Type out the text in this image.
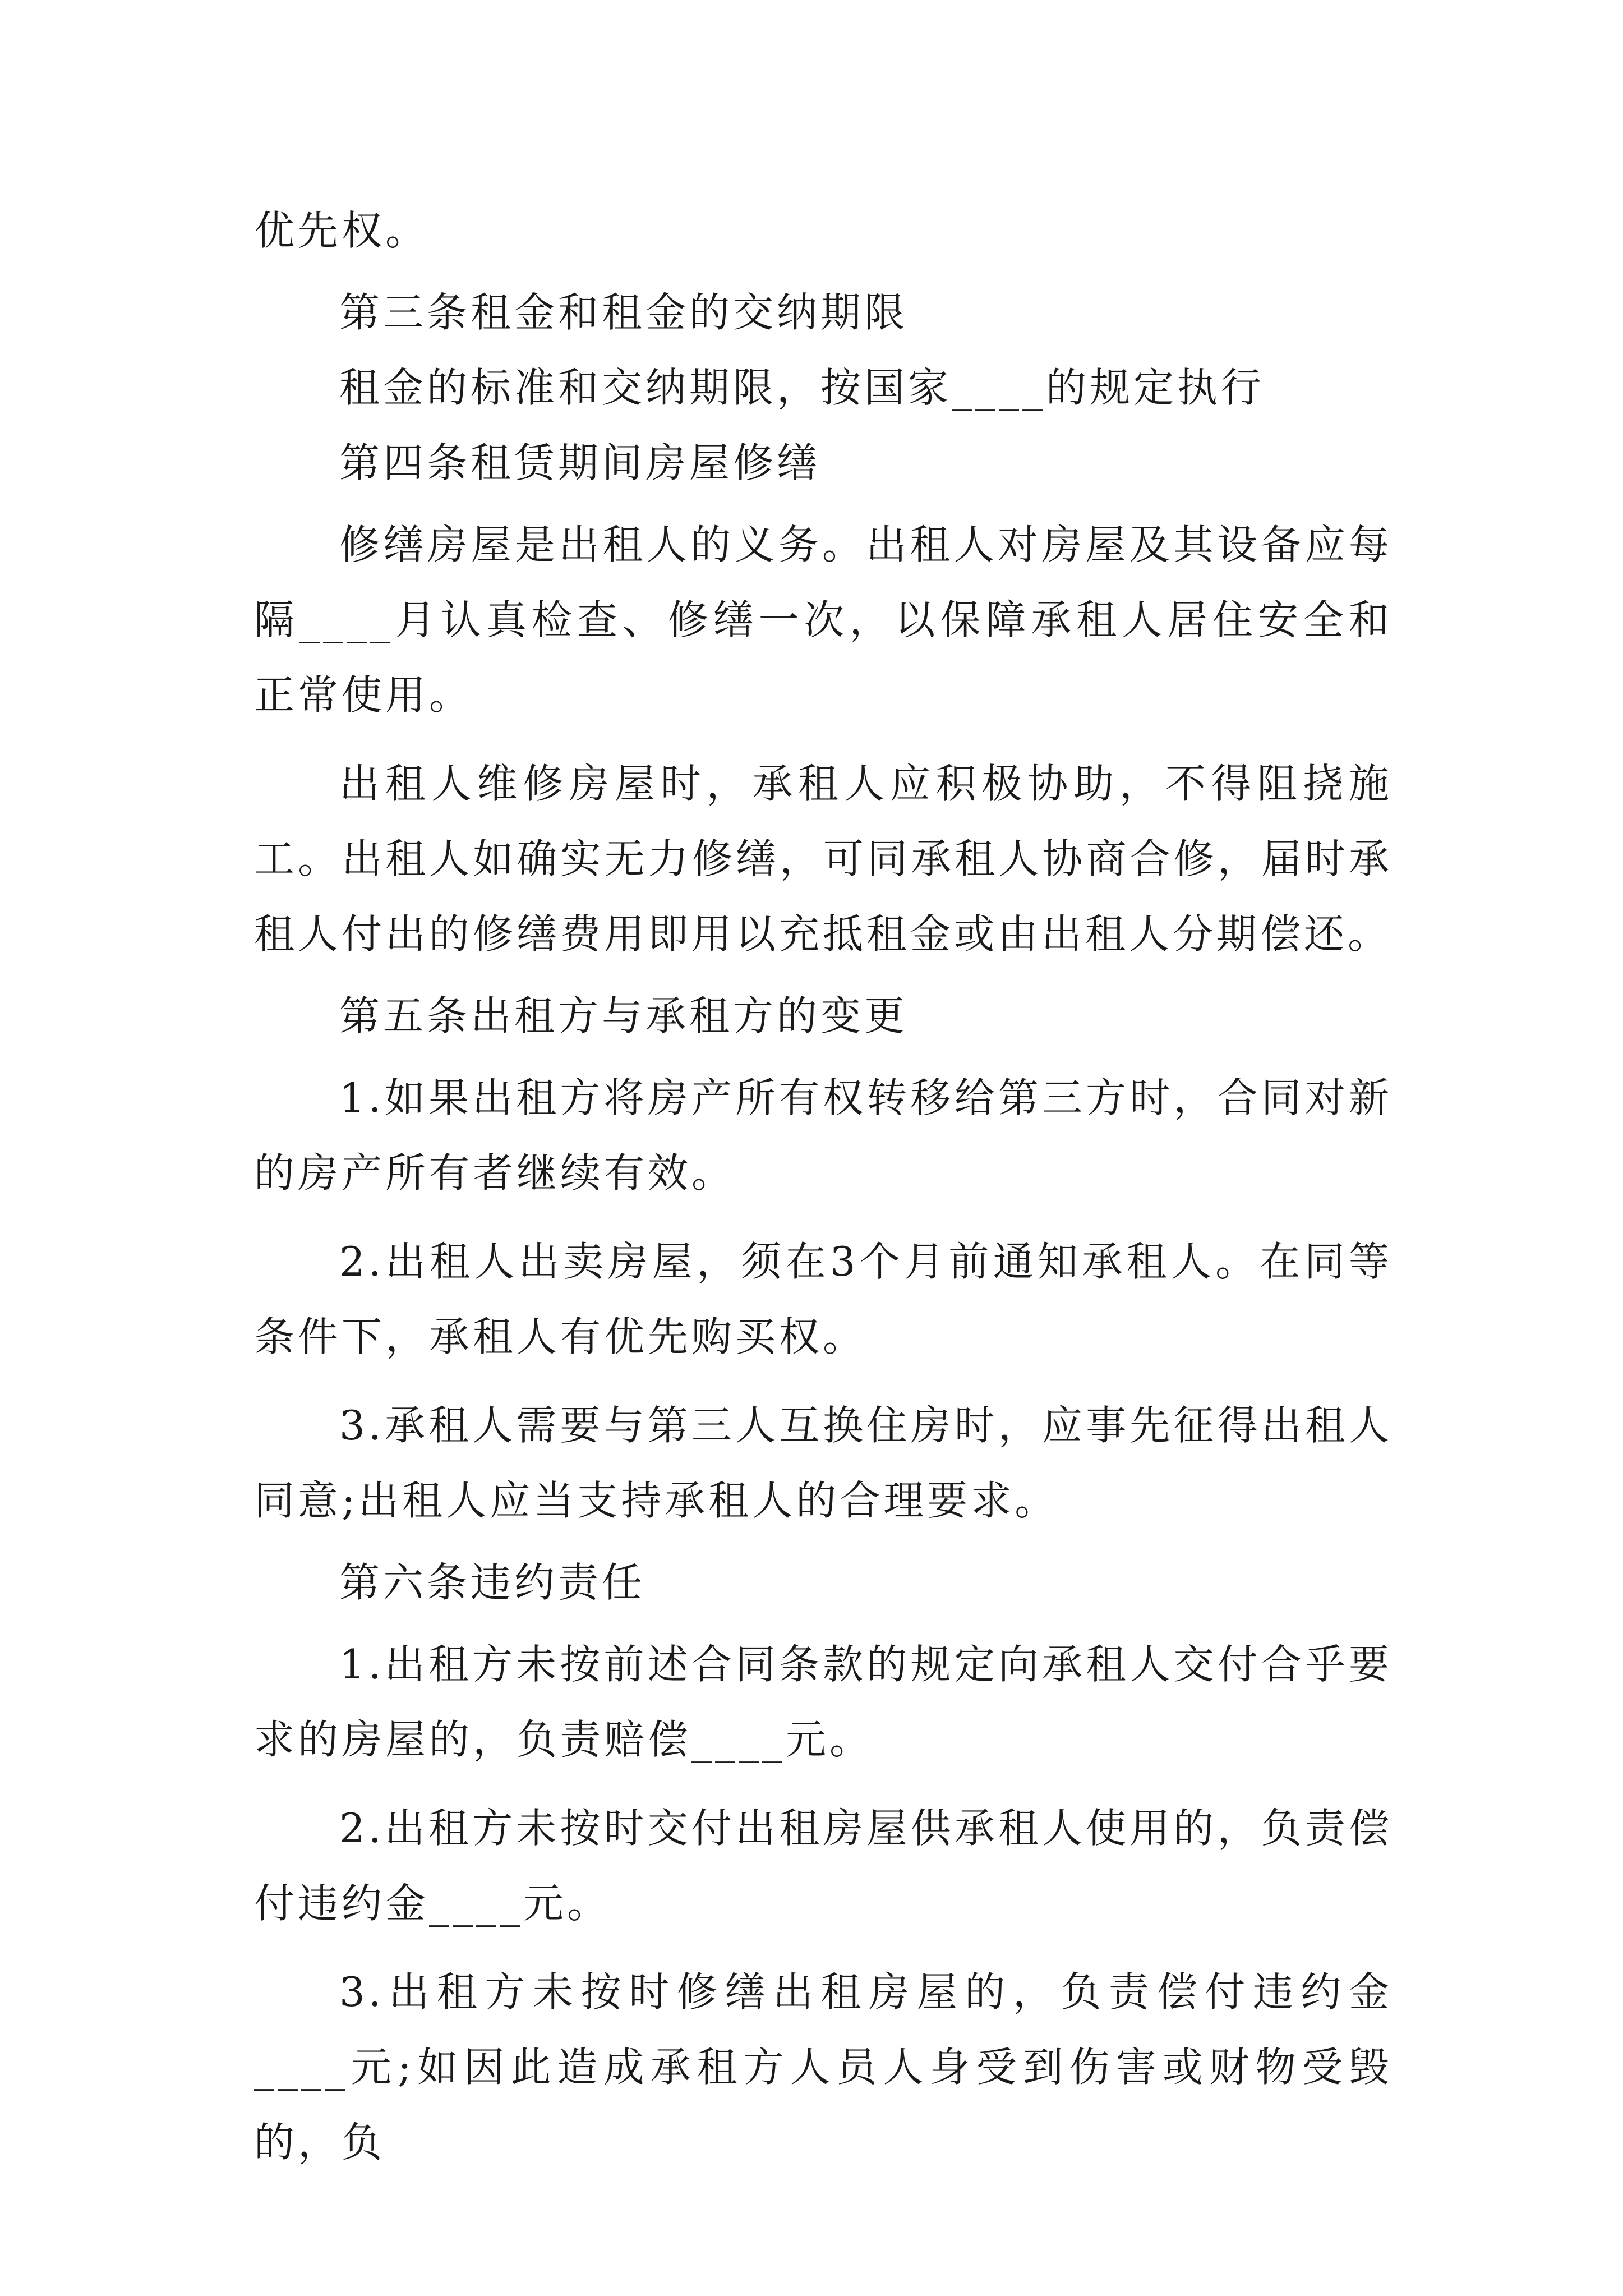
优先权。

第三条租金和租金的交纳期限

租金的标准和交纳期限，按国家____的规定执行

第四条租赁期间房屋修缮

修缮房屋是出租人的义务。出租人对房屋及其设备应每隔____月认真检查、修缮一次，以保障承租人居住安全和正常使用。

出租人维修房屋时，承租人应积极协助，不得阻挠施工。出租人如确实无力修缮，可同承租人协商合修，届时承租人付出的修缮费用即用以充抵租金或由出租人分期偿还。

第五条出租方与承租方的变更

1.如果出租方将房产所有权转移给第三方时，合同对新的房产所有者继续有效。

2.出租人出卖房屋，须在3个月前通知承租人。在同等条件下，承租人有优先购买权。

3.承租人需要与第三人互换住房时，应事先征得出租人同意;出租人应当支持承租人的合理要求。

第六条违约责任

1.出租方未按前述合同条款的规定向承租人交付合乎要求的房屋的，负责赔偿____元。

2.出租方未按时交付出租房屋供承租人使用的，负责偿付违约金____元。

3.出租方未按时修缮出租房屋的，负责偿付违约金____元;如因此造成承租方人员人身受到伤害或财物受毁的，负
